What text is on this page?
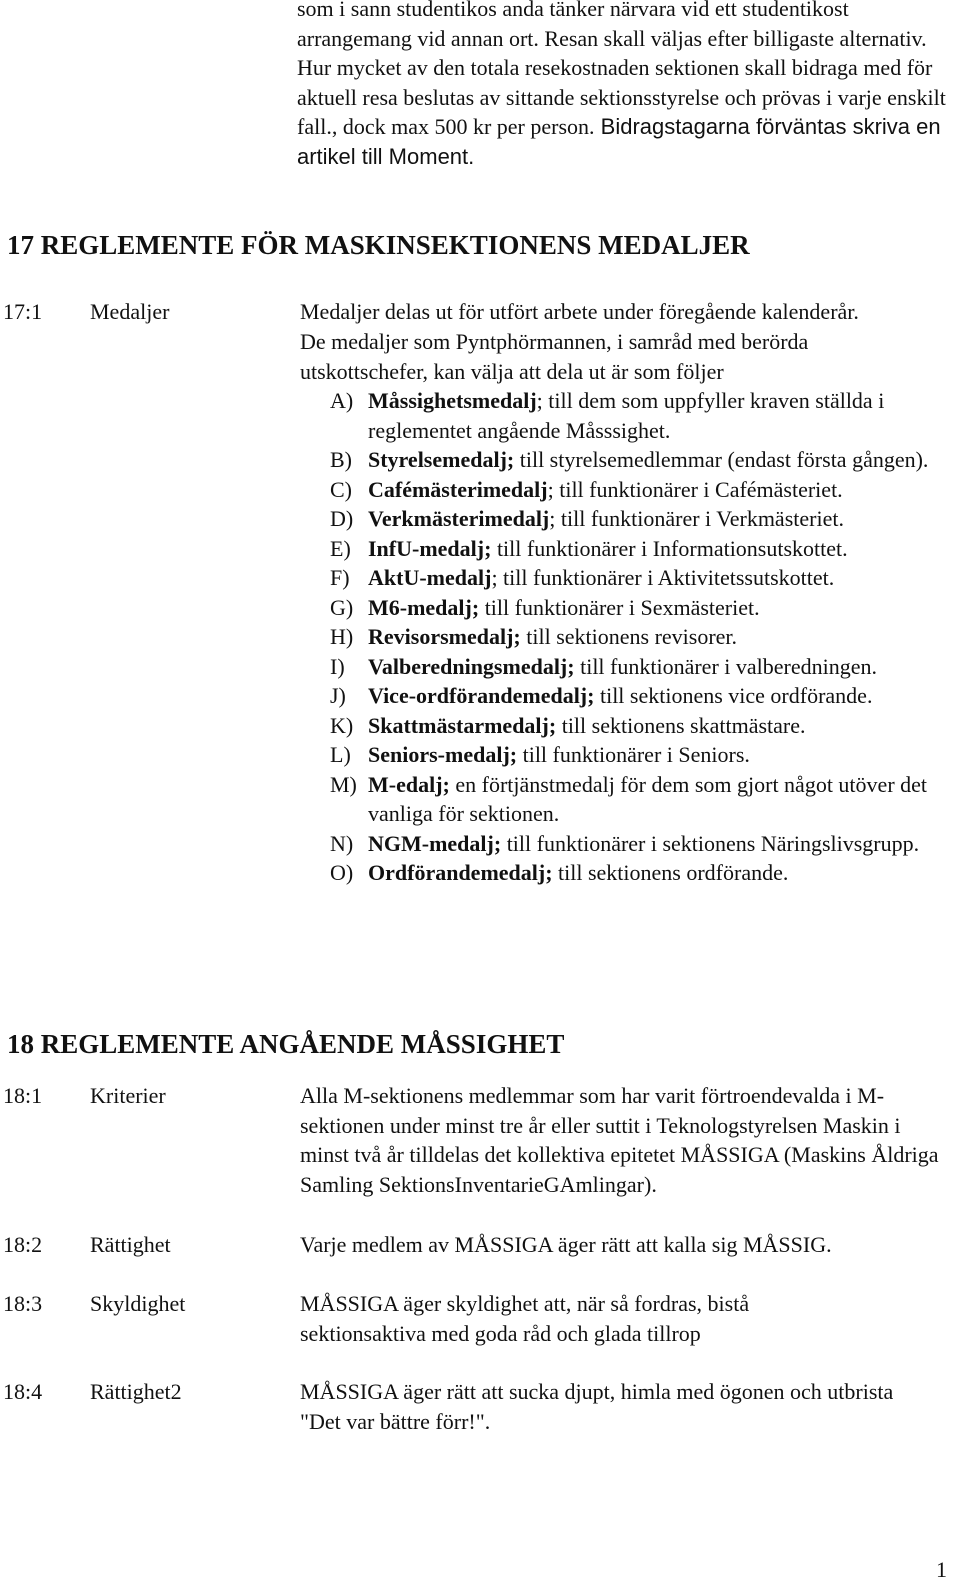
som i sann studentikos anda tänker närvara vid ett studentikost arrangemang vid annan ort. Resan skall väljas efter billigaste alternativ. Hur mycket av den totala resekostnaden sektionen skall bidraga med för aktuell resa beslutas av sittande sektionsstyrelse och prövas i varje enskilt fall., dock max 500 kr per person. Bidragstagarna förväntas skriva en artikel till Moment.
17 REGLEMENTE FÖR MASKINSEKTIONENS MEDALJER
17:1 Medaljer	Medaljer delas ut för utfört arbete under föregående kalenderår.
De medaljer som Pyntphörmannen, i samråd med berörda utskottschefer, kan välja att dela ut är som följer
A) Måssighetsmedalj; till dem som uppfyller kraven ställda i reglementet angående Måsssighet.
B) Styrelsemedalj; till styrelsemedlemmar (endast första gången).
C) Cafémästerimedalj; till funktionärer i Cafémästeriet.
D) Verkmästerimedalj; till funktionärer i Verkmästeriet.
E) InfU-medalj; till funktionärer i Informationsutskottet.
F) AktU-medalj; till funktionärer i Aktivitetssutskottet.
G) M6-medalj; till funktionärer i Sexmästeriet.
H) Revisorsmedalj; till sektionens revisorer.
I) Valberedningsmedalj; till funktionärer i valberedningen.
J) Vice-ordförandemedalj; till sektionens vice ordförande.
K) Skattmästarmedalj; till sektionens skattmästare.
L) Seniors-medalj; till funktionärer i Seniors.
M) M-edalj; en förtjänstmedalj för dem som gjort något utöver det vanliga för sektionen.
N) NGM-medalj; till funktionärer i sektionens Näringslivsgrupp.
O) Ordförandemedalj; till sektionens ordförande.
18 REGLEMENTE ANGÅENDE MÅSSIGHET
18:1 Kriterier	Alla M-sektionens medlemmar som har varit förtroendevalda i M-sektionen under minst tre år eller suttit i Teknologstyrelsen Maskin i minst två år tilldelas det kollektiva epitetet MÅSSIGA (Maskins Åldriga Samling SektionsInventarieGAmlingar).
18:2 Rättighet	Varje medlem av MÅSSIGA äger rätt att kalla sig MÅSSIG.
18:3 Skyldighet	MÅSSIGA äger skyldighet att, när så fordras, bistå sektionsaktiva med goda råd och glada tillrop
18:4 Rättighet2	MÅSSIGA äger rätt att sucka djupt, himla med ögonen och utbrista "Det var bättre förr!".
1
